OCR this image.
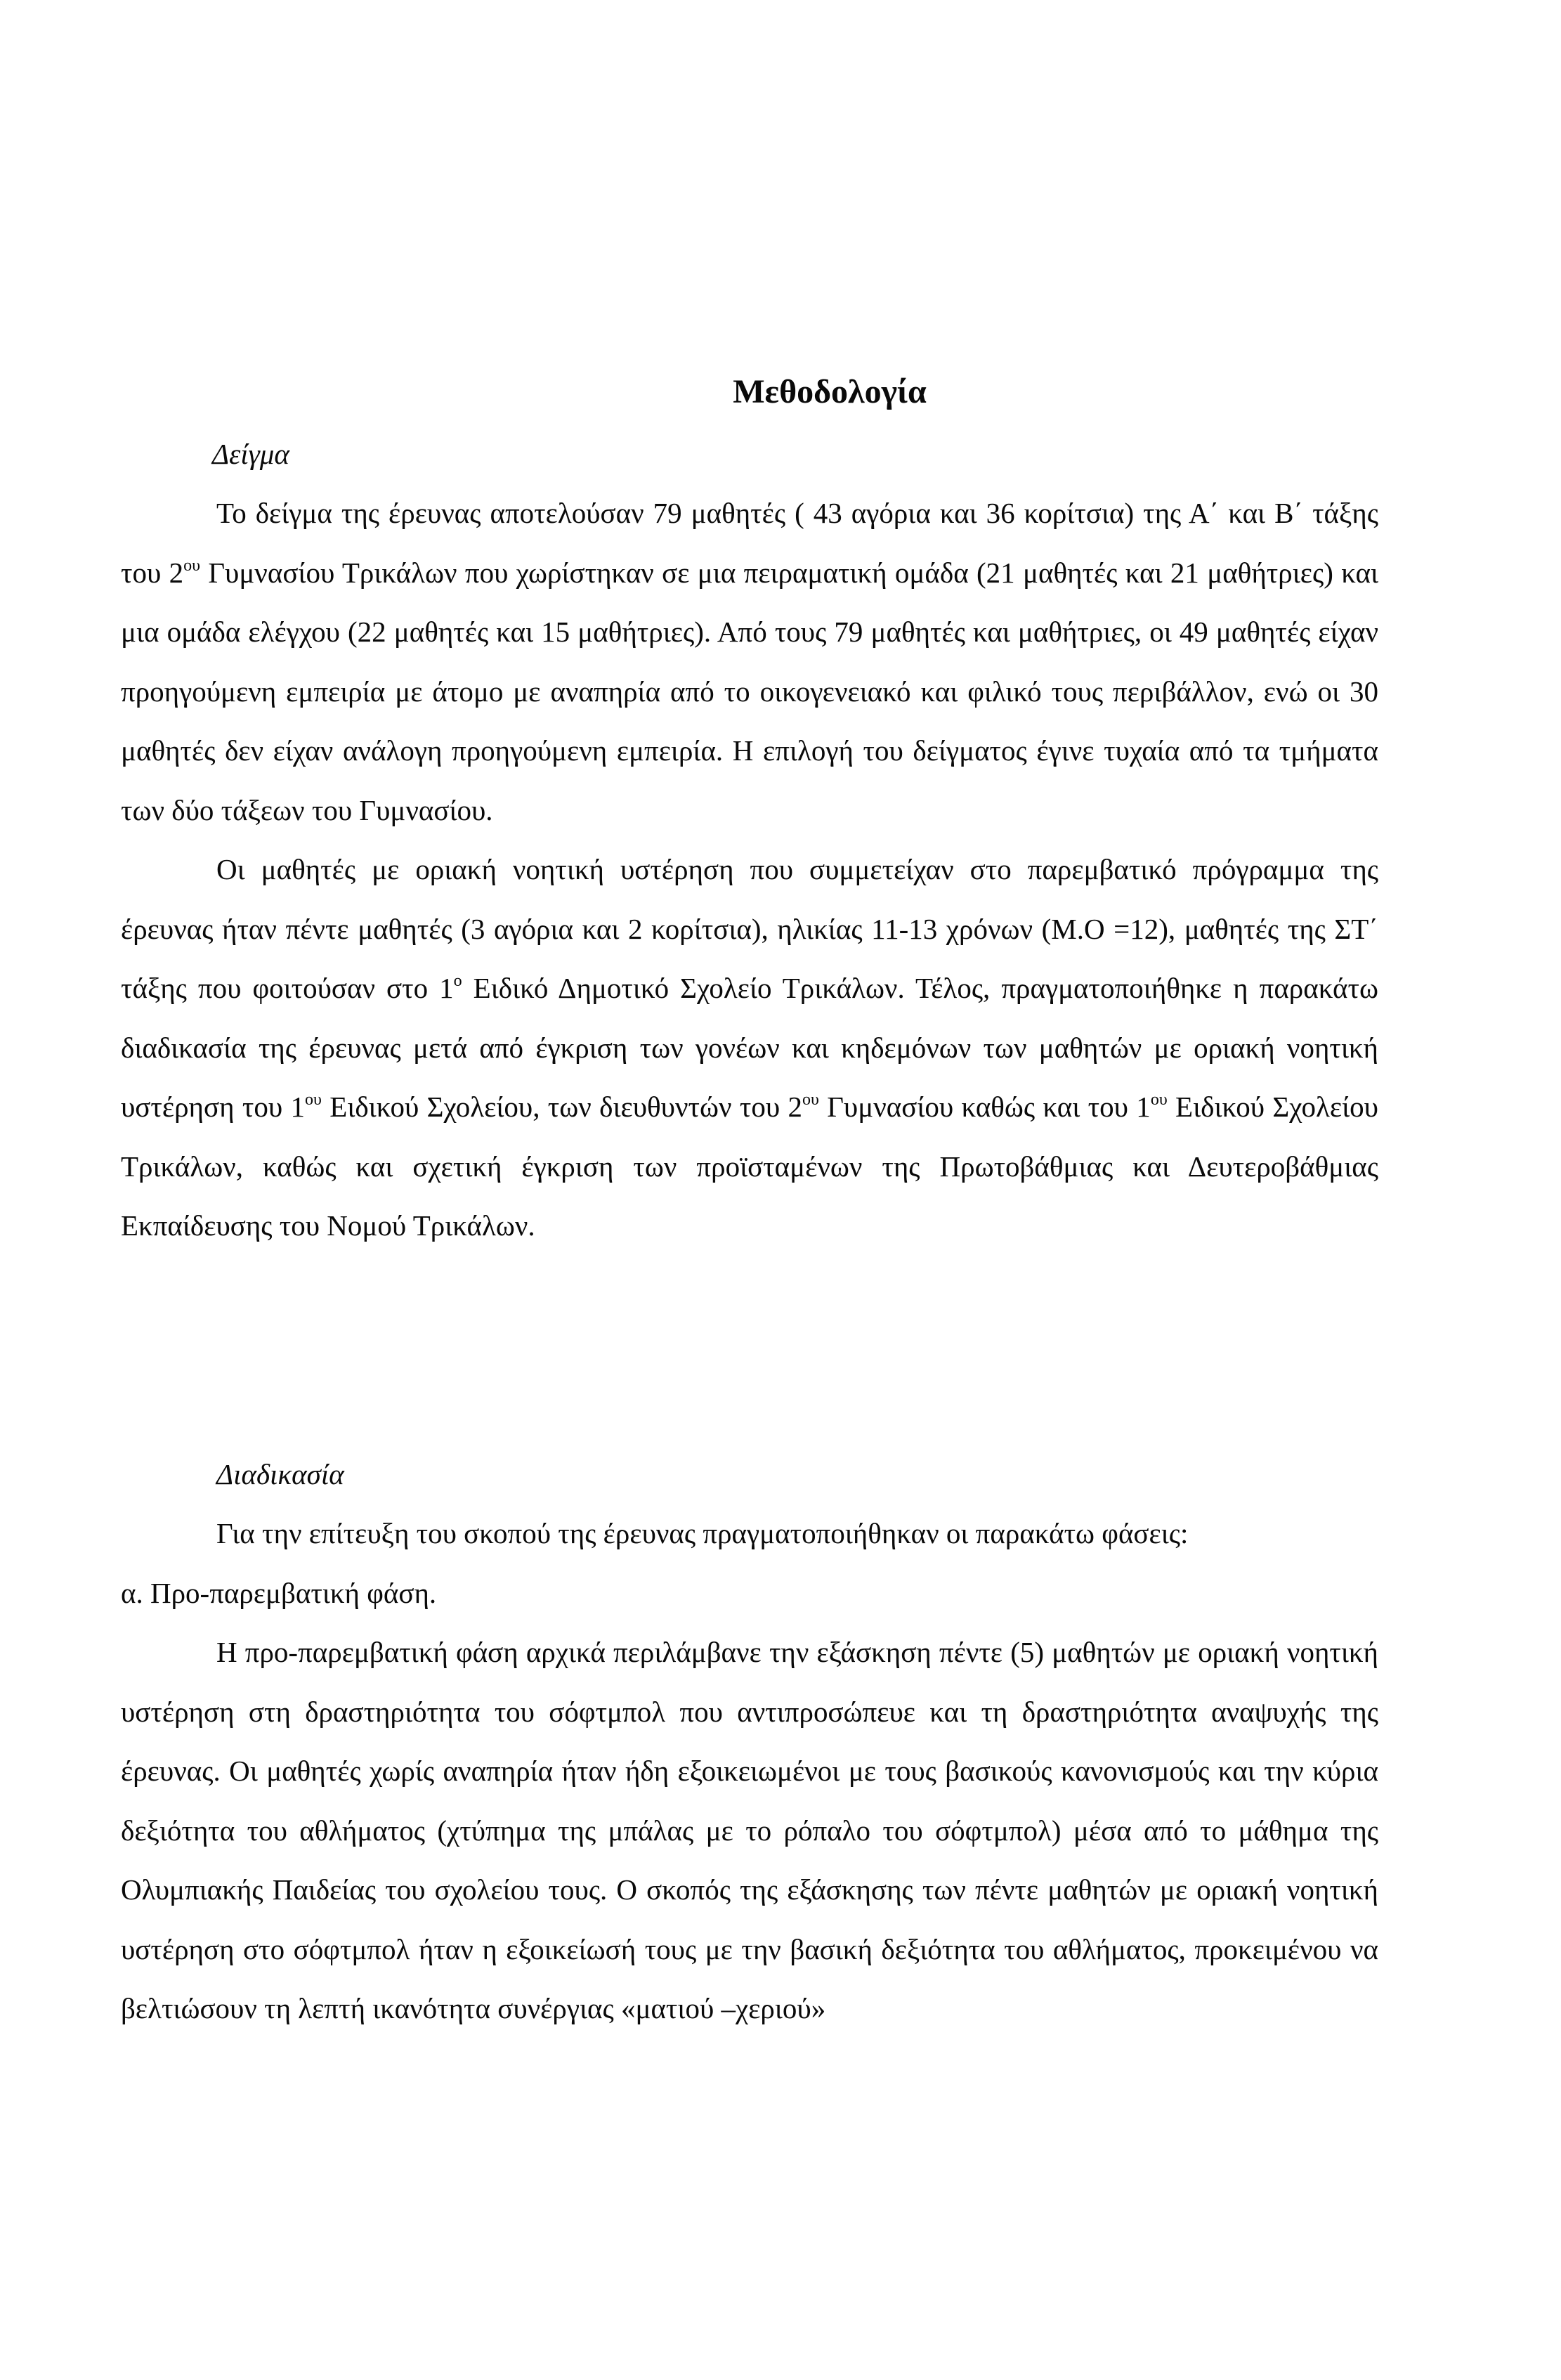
Μεθοδολογία
Δείγμα

Το δείγμα της έρευνας αποτελούσαν 79 μαθητές ( 43 αγόρια και 36 κορίτσια) της Α΄ και Β΄ τάξης του $2^{o\upsilon}$ Γυμνασίου Τρικάλων που χωρίστηκαν σε μια πειραματική ομάδα (21 μαθητές και 21 μαθήτριες) και μια ομάδα ελέγχου (22 μαθητές και 15 μαθήτριες). Από τους 79 μαθητές και μαθήτριες, οι 49 μαθητές είχαν προηγούμενη εμπειρία με άτομο με αναπηρία από το οικογενειακό και φιλικό τους περιβάλλον, ενώ οι 30 μαθητές δεν είχαν ανάλογη προηγούμενη εμπειρία. Η επιλογή του δείγματος έγινε τυχαία από τα τμήματα των δύο τάξεων του Γυμνασίου.

Οι μαθητές με οριακή νοητική υστέρηση που συμμετείχαν στο παρεμβατικό πρόγραμμα της έρευνας ήταν πέντε μαθητές (3 αγόρια και 2 κορίτσια), ηλικίας 11-13 χρόνων (Μ.Ο =12), μαθητές της ΣΤ΄ τάξης που φοιτούσαν στο $1^o$ Ειδικό Δημοτικό Σχολείο Τρικάλων. Τέλος, πραγματοποιήθηκε η παρακάτω διαδικασία της έρευνας μετά από έγκριση των γονέων και κηδεμόνων των μαθητών με οριακή νοητική υστέρηση του $1^{o\upsilon}$ Ειδικού Σχολείου, των διευθυντών του $2^{o\upsilon}$ Γυμνασίου καθώς και του $1^{o\upsilon}$ Ειδικού Σχολείου Τρικάλων, καθώς και σχετική έγκριση των προϊσταμένων της Πρωτοβάθμιας και Δευτεροβάθμιας Εκπαίδευσης του Νομού Τρικάλων.

Διαδικασία

Για την επίτευξη του σκοπού της έρευνας πραγματοποιήθηκαν οι παρακάτω φάσεις:

α. Προ-παρεμβατική φάση.

Η προ-παρεμβατική φάση αρχικά περιλάμβανε την εξάσκηση πέντε (5) μαθητών με οριακή νοητική υστέρηση στη δραστηριότητα του σόφτμπολ που αντιπροσώπευε και τη δραστηριότητα αναψυχής της έρευνας. Οι μαθητές χωρίς αναπηρία ήταν ήδη εξοικειωμένοι με τους βασικούς κανονισμούς και την κύρια δεξιότητα του αθλήματος (χτύπημα της μπάλας με το ρόπαλο του σόφτμπολ) μέσα από το μάθημα της Ολυμπιακής Παιδείας του σχολείου τους. Ο σκοπός της εξάσκησης των πέντε μαθητών με οριακή νοητική υστέρηση στο σόφτμπολ ήταν η εξοικείωσή τους με την βασική δεξιότητα του αθλήματος, προκειμένου να βελτιώσουν τη λεπτή ικανότητα συνέργιας «ματιού –χεριού»
